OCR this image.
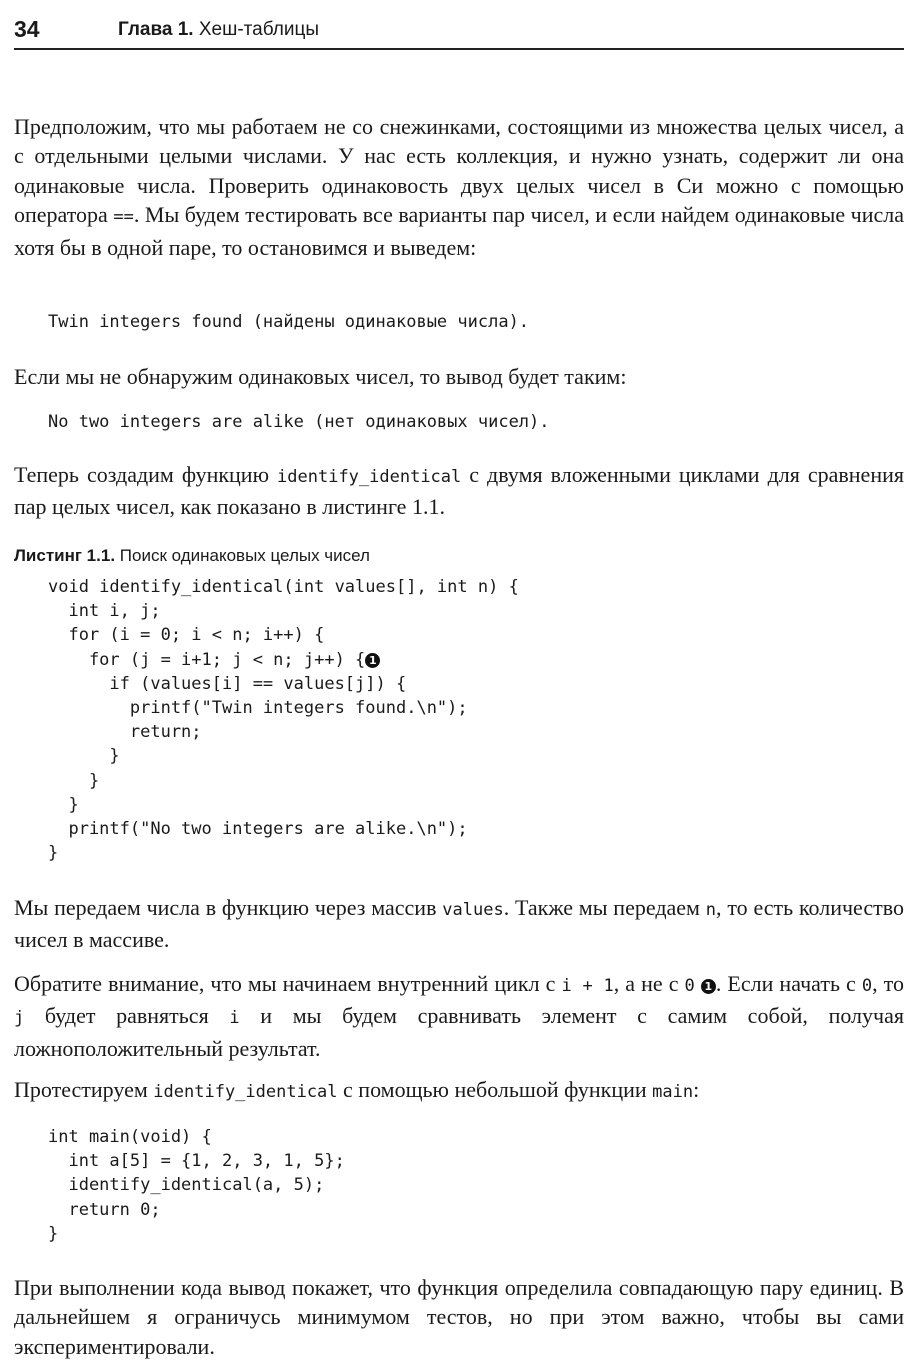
34	Глава 1. Хеш-таблицы

Предположим, что мы работаем не со снежинками, состоящими из множества целых чисел, а с отдельными целыми числами. У нас есть коллекция, и нужно узнать, содержит ли она одинаковые числа. Проверить одинаковость двух целых чисел в Си можно с помощью оператора ==. Мы будем тестировать все варианты пар чисел, и если найдем одинаковые числа хотя бы в одной паре, то остановимся и выведем:

Twin integers found (найдены одинаковые числа).

Если мы не обнаружим одинаковых чисел, то вывод будет таким:

No two integers are alike (нет одинаковых чисел).

Теперь создадим функцию identify_identical с двумя вложенными циклами для сравнения пар целых чисел, как показано в листинге 1.1.

Листинг 1.1. Поиск одинаковых целых чисел
void identify_identical(int values[], int n) {
int i, j;
for (i = 0; i < n; i++) {
for (j = i+1; j < n; j++) { 1
if (values[i] == values[j]) {
printf("Twin integers found.\n");
return;
}
}
}
printf("No two integers are alike.\n");
}

Мы передаем числа в функцию через массив values. Также мы передаем n, то есть количество чисел в массиве.

Обратите внимание, что мы начинаем внутренний цикл с i + 1, а не с 0 1 . Если начать с 0, то j будет равняться i и мы будем сравнивать элемент с самим собой, получая ложноположительный результат.

Протестируем identify_identical с помощью небольшой функции main:

int main(void) {
int a[5] = {1, 2, 3, 1, 5};
identify_identical(a, 5);
return 0;
}

При выполнении кода вывод покажет, что функция определила совпадающую пару единиц. В дальнейшем я ограничусь минимумом тестов, но при этом важно, чтобы вы сами экспериментировали.
